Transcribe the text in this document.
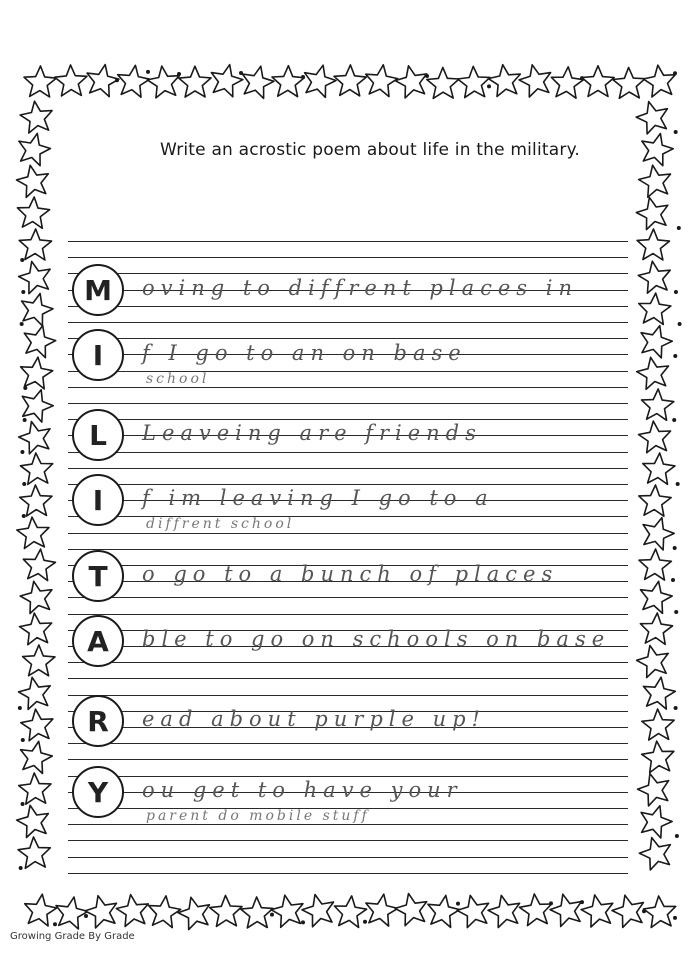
Write an acrostic poem about life in the military.
M	oving to diffrent places in
I	f I go to an on base
school
L	Leaveing are friends
I	f im leaving I go to a
diffrent school
T	o go to a bunch of places
A	ble to go on schools on base
R	ead about purple up!
Y	ou get to have your
parent do mobile stuff
Growing Grade By Grade
